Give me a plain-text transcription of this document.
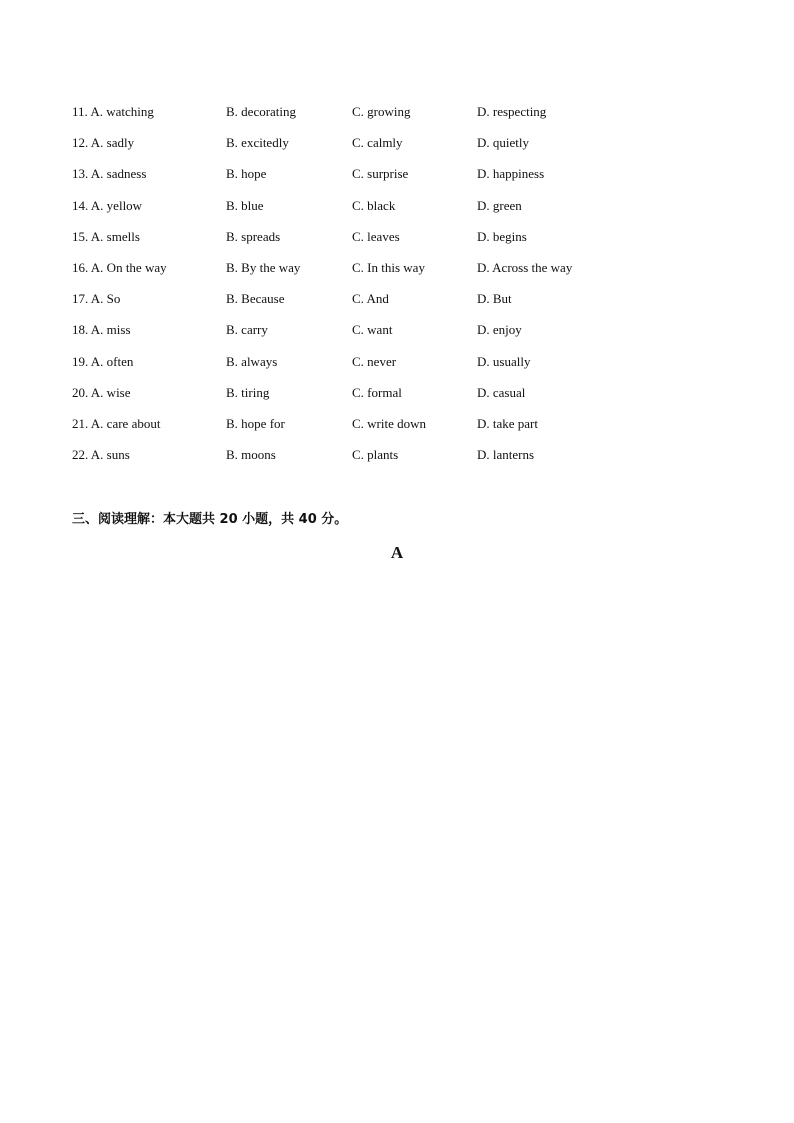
11. A. watching	B. decorating	C. growing	D. respecting
12. A. sadly	B. excitedly	C. calmly	D. quietly
13. A. sadness	B. hope	C. surprise	D. happiness
14. A. yellow	B. blue	C. black	D. green
15. A. smells	B. spreads	C. leaves	D. begins
16. A. On the way	B. By the way	C. In this way	D. Across the way
17. A. So	B. Because	C. And	D. But
18. A. miss	B. carry	C. want	D. enjoy
19. A. often	B. always	C. never	D. usually
20. A. wise	B. tiring	C. formal	D. casual
21. A. care about	B. hope for	C. write down	D. take part
22. A. suns	B. moons	C. plants	D. lanterns
三、阅读理解：本大题共 20 小题，共 40 分。
A
